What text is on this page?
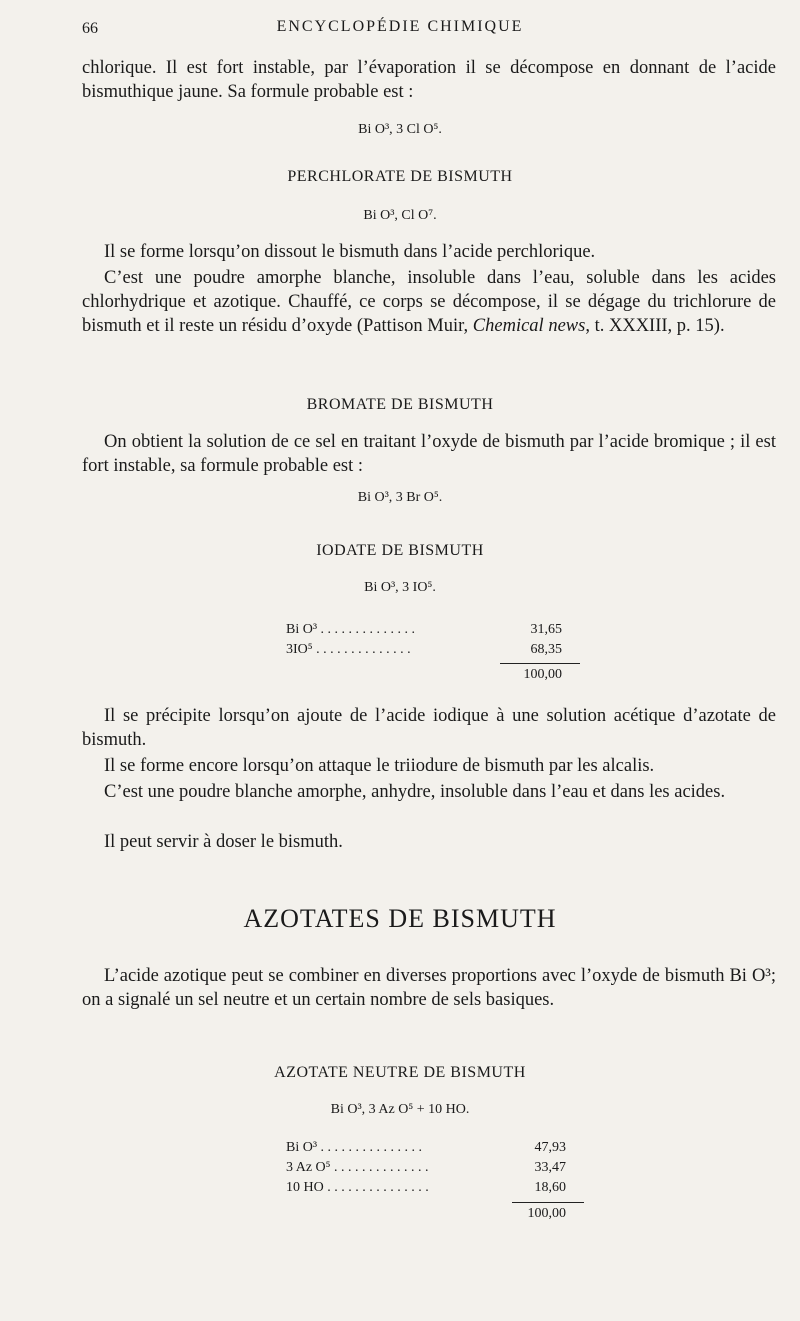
66	ENCYCLOPÉDIE CHIMIQUE
chlorique. Il est fort instable, par l’évaporation il se décompose en donnant de l’acide bismuthique jaune. Sa formule probable est :
Bi O³, 3 Cl O⁵.
PERCHLORATE DE BISMUTH
Bi O³, Cl O⁷.
Il se forme lorsqu’on dissout le bismuth dans l’acide perchlorique.
C’est une poudre amorphe blanche, insoluble dans l’eau, soluble dans les acides chlorhydrique et azotique. Chauffé, ce corps se décompose, il se dégage du trichlorure de bismuth et il reste un résidu d’oxyde (Pattison Muir, Chemical news, t. XXXIII, p. 15).
BROMATE DE BISMUTH
On obtient la solution de ce sel en traitant l’oxyde de bismuth par l’acide bromique ; il est fort instable, sa formule probable est :
Bi O³, 3 Br O⁵.
IODATE DE BISMUTH
Bi O³, 3 IO⁵.
Bi O³ . . . . . . . . . . . . . .	31,65
3IO⁵ . . . . . . . . . . . . . .	68,35
100,00
Il se précipite lorsqu’on ajoute de l’acide iodique à une solution acétique d’azotate de bismuth.
Il se forme encore lorsqu’on attaque le triiodure de bismuth par les alcalis.
C’est une poudre blanche amorphe, anhydre, insoluble dans l’eau et dans les acides.
Il peut servir à doser le bismuth.
AZOTATES DE BISMUTH
L’acide azotique peut se combiner en diverses proportions avec l’oxyde de bismuth Bi O³; on a signalé un sel neutre et un certain nombre de sels basiques.
AZOTATE NEUTRE DE BISMUTH
Bi O³, 3 Az O⁵ + 10 HO.
Bi O³ . . . . . . . . . . . . . . .	47,93
3 Az O⁵ . . . . . . . . . . . . . .	33,47
10 HO . . . . . . . . . . . . . . .	18,60
100,00
